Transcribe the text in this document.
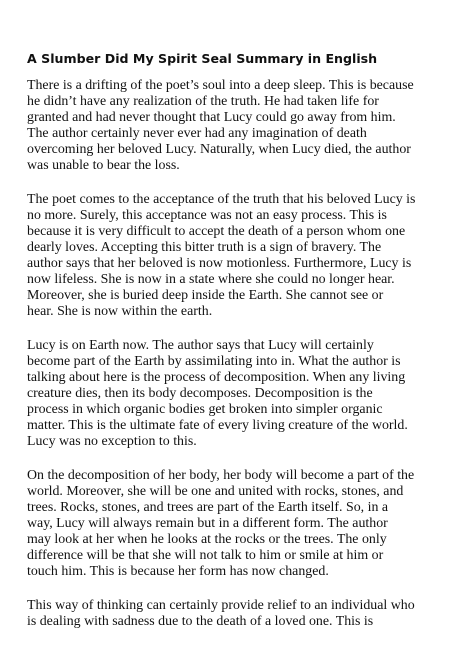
A Slumber Did My Spirit Seal Summary in English

There is a drifting of the poet’s soul into a deep sleep. This is because
he didn’t have any realization of the truth. He had taken life for
granted and had never thought that Lucy could go away from him.
The author certainly never ever had any imagination of death
overcoming her beloved Lucy. Naturally, when Lucy died, the author
was unable to bear the loss.

The poet comes to the acceptance of the truth that his beloved Lucy is
no more. Surely, this acceptance was not an easy process. This is
because it is very difficult to accept the death of a person whom one
dearly loves. Accepting this bitter truth is a sign of bravery. The
author says that her beloved is now motionless. Furthermore, Lucy is
now lifeless. She is now in a state where she could no longer hear.
Moreover, she is buried deep inside the Earth. She cannot see or
hear. She is now within the earth.

Lucy is on Earth now. The author says that Lucy will certainly
become part of the Earth by assimilating into in. What the author is
talking about here is the process of decomposition. When any living
creature dies, then its body decomposes. Decomposition is the
process in which organic bodies get broken into simpler organic
matter. This is the ultimate fate of every living creature of the world.
Lucy was no exception to this.

On the decomposition of her body, her body will become a part of the
world. Moreover, she will be one and united with rocks, stones, and
trees. Rocks, stones, and trees are part of the Earth itself. So, in a
way, Lucy will always remain but in a different form. The author
may look at her when he looks at the rocks or the trees. The only
difference will be that she will not talk to him or smile at him or
touch him. This is because her form has now changed.

This way of thinking can certainly provide relief to an individual who
is dealing with sadness due to the death of a loved one. This is
